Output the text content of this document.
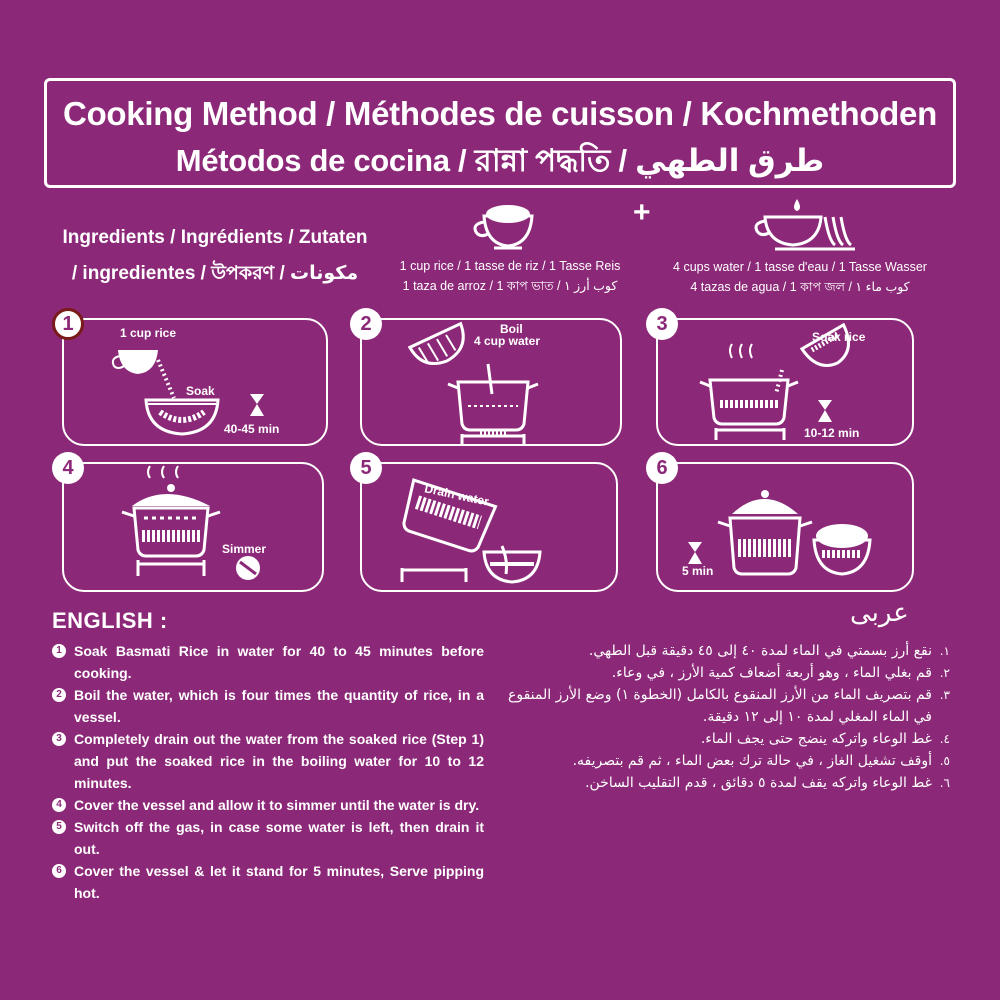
Cooking Method / Méthodes de cuisson / Kochmethoden
Métodos de cocina / রান্না পদ্ধতি / طرق الطهي
Ingredients / Ingrédients / Zutaten
/ ingredientes / উপকরণ / مكونات	1 cup rice / 1 tasse de riz / 1 Tasse Reis
1 taza de arroz / 1 কাপ ভাত / كوب أرز ١
+
4 cups water / 1 tasse d'eau / 1 Tasse Wasser
4 tazas de agua / 1 কাপ জল / كوب ماء ١
1	1 cup rice
Soak
40-45 min
2	Boil
4 cup water
3
Soak rice
10-12 min
4
Simmer
5
Drain water
6
5 min
ENGLISH :
1 Soak Basmati Rice in water for 40 to 45 minutes before cooking.
2 Boil the water, which is four times the quantity of rice, in a vessel.
3 Completely drain out the water from the soaked rice (Step 1) and put the soaked rice in the boiling water for 10 to 12 minutes.
4 Cover the vessel and allow it to simmer until the water is dry.
5 Switch off the gas, in case some water is left, then drain it out.
6 Cover the vessel & let it stand for 5 minutes, Serve pipping hot.
عربى
١.
نقع أرز بسمتي في الماء لمدة ٤٠ إلى ٤٥ دقيقة قبل الطهي.
٢.
قم بغلي الماء ، وهو أربعة أضعاف كمية الأرز ، في وعاء.
٣.
قم بتصريف الماء من الأرز المنقوع بالكامل (الخطوة ١) وضع الأرز المنقوع في الماء المغلي لمدة ١٠ إلى ١٢ دقيقة.
٤.
غط الوعاء واتركه ينضج حتى يجف الماء.
٥.
أوقف تشغيل الغاز ، في حالة ترك بعض الماء ، ثم قم بتصريفه.
٦.
غط الوعاء واتركه يقف لمدة ٥ دقائق ، قدم التقليب الساخن.
